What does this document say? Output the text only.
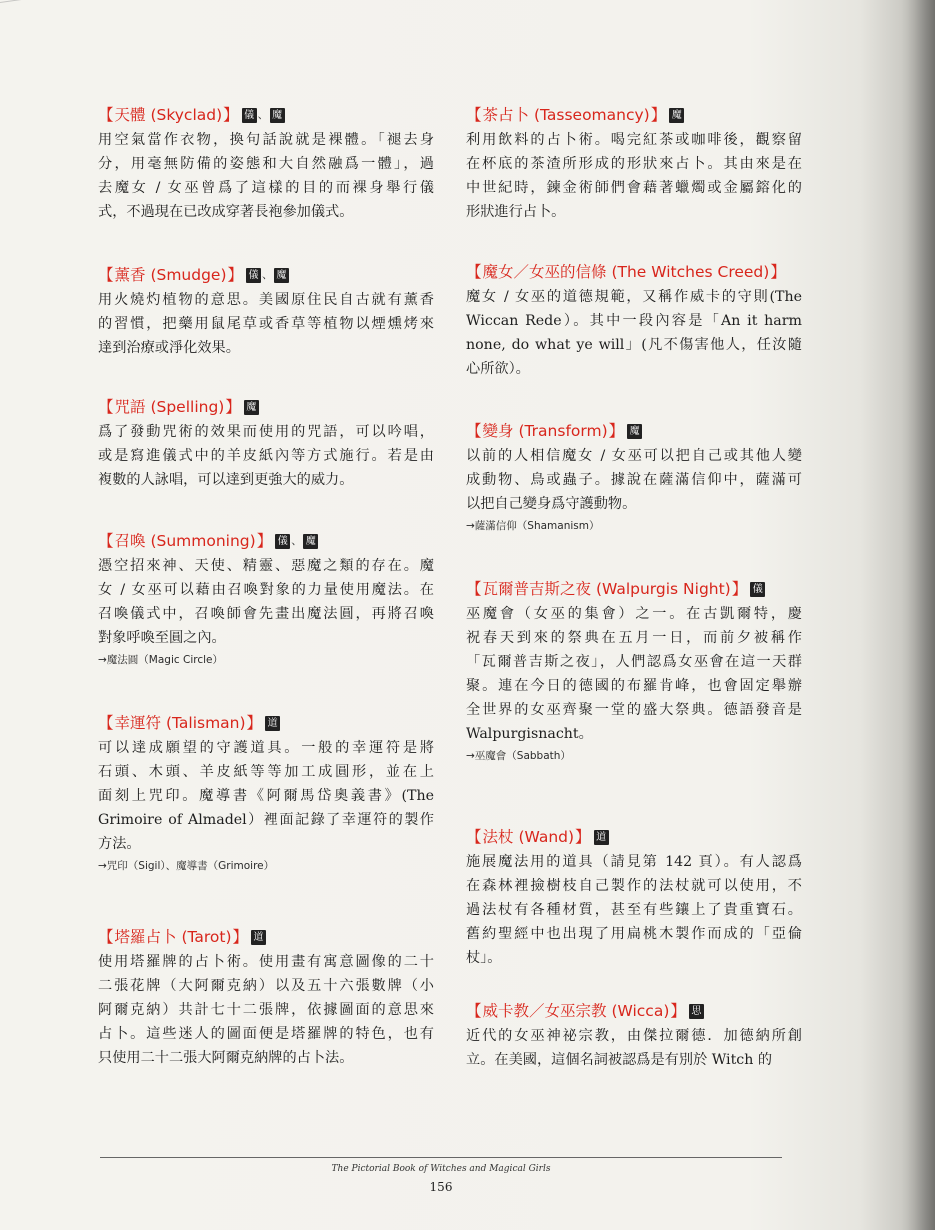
【 天體 (Skyclad) 】 儀 、 魔
用空氣當作衣物，換句話說就是裸體。「褪去身
分，用毫無防備的姿態和大自然融爲一體」，過
去魔女 / 女巫曾爲了這樣的目的而裸身舉行儀
式，不過現在已改成穿著長袍參加儀式。
【 薰香 (Smudge) 】 儀 、 魔
用火燒灼植物的意思。美國原住民自古就有薰香
的習慣，把藥用鼠尾草或香草等植物以煙燻烤來
達到治療或淨化效果。
【 咒語 (Spelling) 】 魔
爲了發動咒術的效果而使用的咒語，可以吟唱，
或是寫進儀式中的羊皮紙內等方式施行。若是由
複數的人詠唱，可以達到更強大的威力。
【 召喚 (Summoning) 】 儀 、 魔
憑空招來神、天使、精靈、惡魔之類的存在。魔
女 / 女巫可以藉由召喚對象的力量使用魔法。在
召喚儀式中，召喚師會先畫出魔法圓，再將召喚
對象呼喚至圓之內。
→魔法圓（Magic Circle）
【 幸運符 (Talisman) 】 道
可以達成願望的守護道具。一般的幸運符是將
石頭、木頭、羊皮紙等等加工成圓形，並在上
面刻上咒印。魔導書《阿爾馬岱奧義書》(The
Grimoire of Almadel）裡面記錄了幸運符的製作
方法。
→咒印（Sigil）、魔導書（Grimoire）
【 塔羅占卜 (Tarot) 】 道
使用塔羅牌的占卜術。使用畫有寓意圖像的二十
二張花牌（大阿爾克納）以及五十六張數牌（小
阿爾克納）共計七十二張牌，依據圖面的意思來
占卜。這些迷人的圖面便是塔羅牌的特色，也有
只使用二十二張大阿爾克納牌的占卜法。
【 茶占卜 (Tasseomancy) 】 魔
利用飲料的占卜術。喝完紅茶或咖啡後，觀察留
在杯底的茶渣所形成的形狀來占卜。其由來是在
中世紀時，鍊金術師們會藉著蠟燭或金屬鎔化的
形狀進行占卜。
【 魔女／女巫的信條 (The Witches Creed) 】
魔女 / 女巫的道德規範，又稱作威卡的守則(The
Wiccan Rede）。其中一段內容是「An it harm
none, do what ye will」(凡不傷害他人，任汝隨
心所欲）。
【 變身 (Transform) 】 魔
以前的人相信魔女 / 女巫可以把自己或其他人變
成動物、鳥或蟲子。據說在薩滿信仰中，薩滿可
以把自己變身爲守護動物。
→薩滿信仰（Shamanism）
【 瓦爾普吉斯之夜 (Walpurgis Night) 】 儀
巫魔會（女巫的集會）之一。在古凱爾特，慶
祝春天到來的祭典在五月一日，而前夕被稱作
「瓦爾普吉斯之夜」，人們認爲女巫會在這一天群
聚。連在今日的德國的布羅肯峰，也會固定舉辦
全世界的女巫齊聚一堂的盛大祭典。德語發音是
Walpurgisnacht。
→巫魔會（Sabbath）
【 法杖 (Wand) 】 道
施展魔法用的道具（請見第 142 頁）。有人認爲
在森林裡撿樹枝自己製作的法杖就可以使用，不
過法杖有各種材質，甚至有些鑲上了貴重寶石。
舊約聖經中也出現了用扁桃木製作而成的「亞倫
杖」。
【 威卡教／女巫宗教 (Wicca) 】 思
近代的女巫神祕宗教，由傑拉爾德．加德納所創
立。在美國，這個名詞被認爲是有別於 Witch 的
The Pictorial Book of Witches and Magical Girls
156
